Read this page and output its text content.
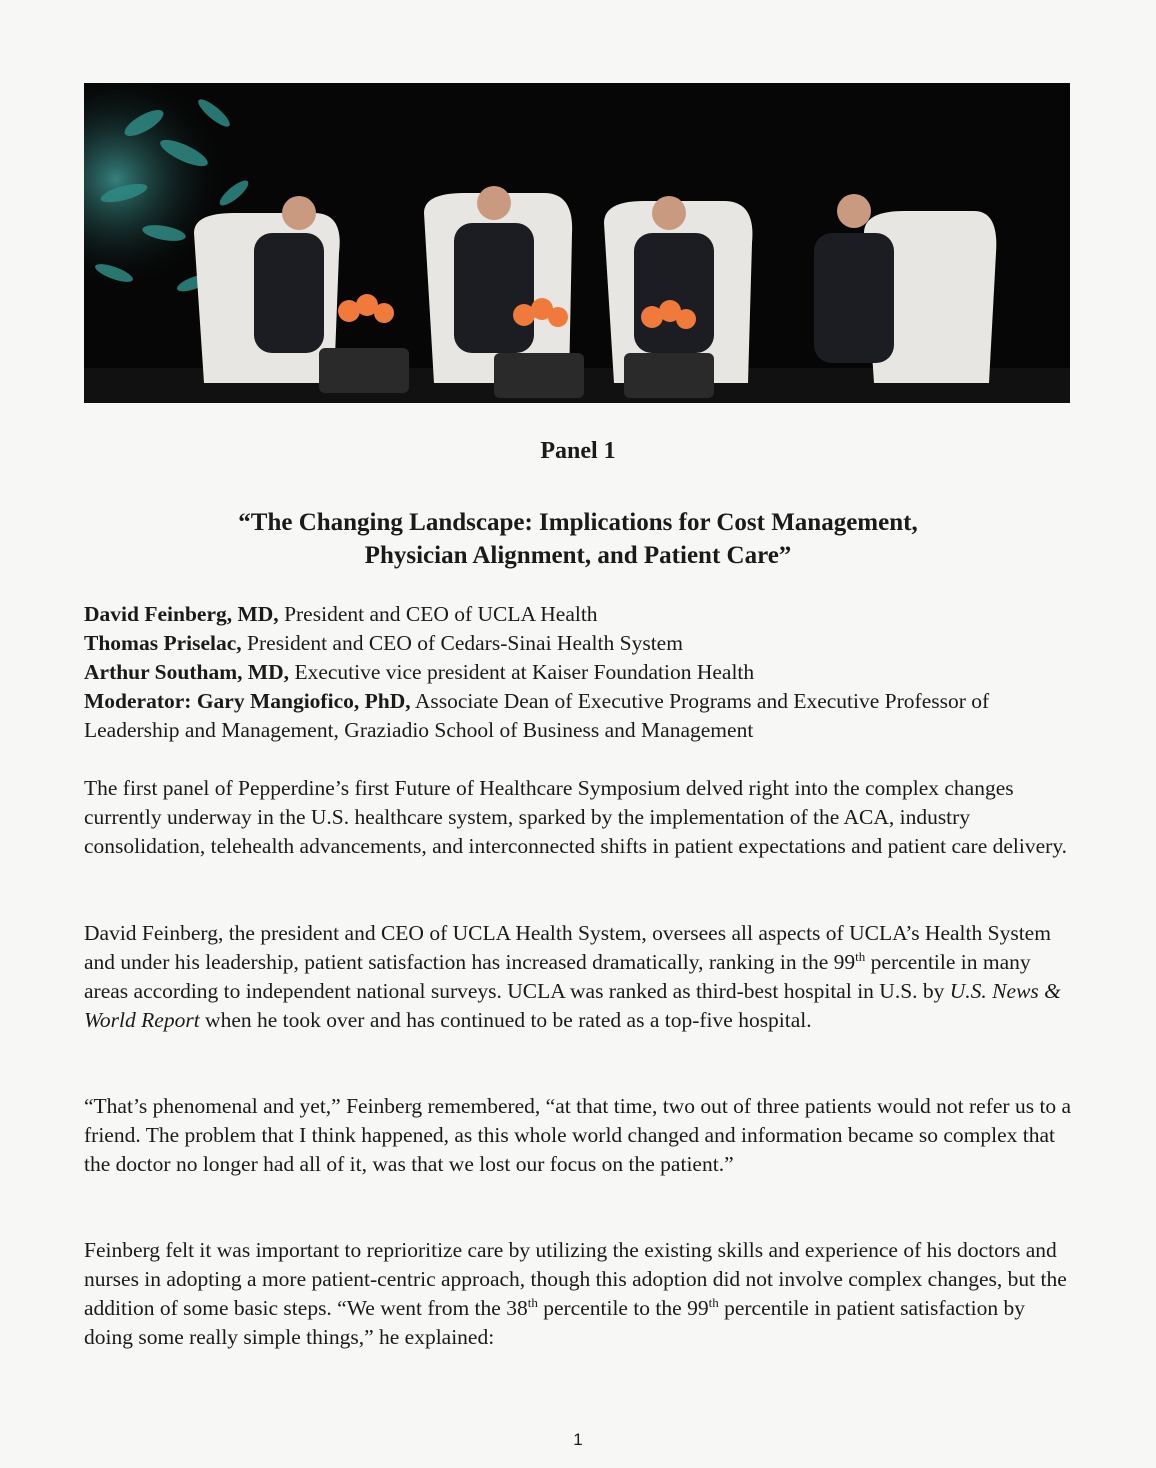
Panel 1
“The Changing Landscape: Implications for Cost Management,
Physician Alignment, and Patient Care”
David Feinberg, MD, President and CEO of UCLA Health
Thomas Priselac, President and CEO of Cedars-Sinai Health System
Arthur Southam, MD, Executive vice president at Kaiser Foundation Health
Moderator: Gary Mangiofico, PhD, Associate Dean of Executive Programs and Executive Professor of Leadership and Management, Graziadio School of Business and Management

The first panel of Pepperdine’s first Future of Healthcare Symposium delved right into the complex changes currently underway in the U.S. healthcare system, sparked by the implementation of the ACA, industry consolidation, telehealth advancements, and interconnected shifts in patient expectations and patient care delivery.

David Feinberg, the president and CEO of UCLA Health System, oversees all aspects of UCLA’s Health System and under his leadership, patient satisfaction has increased dramatically, ranking in the 99th percentile in many areas according to independent national surveys. UCLA was ranked as third-best hospital in U.S. by U.S. News & World Report when he took over and has continued to be rated as a top-five hospital.

“That’s phenomenal and yet,” Feinberg remembered, “at that time, two out of three patients would not refer us to a friend. The problem that I think happened, as this whole world changed and information became so complex that the doctor no longer had all of it, was that we lost our focus on the patient.”

Feinberg felt it was important to reprioritize care by utilizing the existing skills and experience of his doctors and nurses in adopting a more patient-centric approach, though this adoption did not involve complex changes, but the addition of some basic steps. “We went from the 38th percentile to the 99th percentile in patient satisfaction by doing some really simple things,” he explained:

1
